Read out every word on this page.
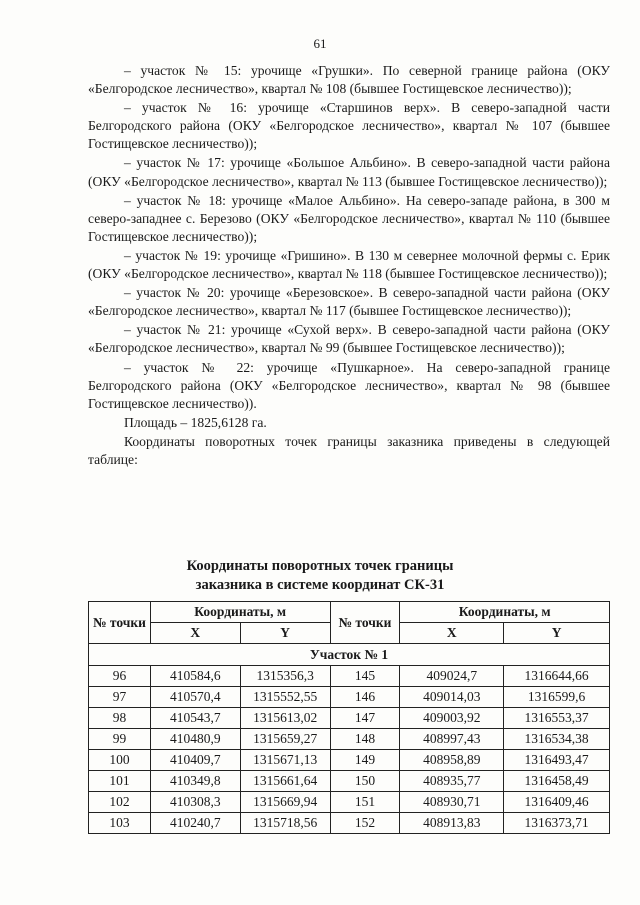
61

– участок № 15: урочище «Грушки». По северной границе района (ОКУ «Белгородское лесничество», квартал № 108 (бывшее Гостищевское лесничество));

– участок № 16: урочище «Старшинов верх». В северо-западной части Белгородского района (ОКУ «Белгородское лесничество», квартал № 107 (бывшее Гостищевское лесничество));

– участок № 17: урочище «Большое Альбино». В северо-западной части района (ОКУ «Белгородское лесничество», квартал № 113 (бывшее Гостищевское лесничество));

– участок № 18: урочище «Малое Альбино». На северо-западе района, в 300 м северо-западнее с. Березово (ОКУ «Белгородское лесничество», квартал № 110 (бывшее Гостищевское лесничество));

– участок № 19: урочище «Гришино». В 130 м севернее молочной фермы с. Ерик (ОКУ «Белгородское лесничество», квартал № 118 (бывшее Гостищевское лесничество));

– участок № 20: урочище «Березовское». В северо-западной части района (ОКУ «Белгородское лесничество», квартал № 117 (бывшее Гостищевское лесничество));

– участок № 21: урочище «Сухой верх». В северо-западной части района (ОКУ «Белгородское лесничество», квартал № 99 (бывшее Гостищевское лесничество));

– участок № 22: урочище «Пушкарное». На северо-западной границе Белгородского района (ОКУ «Белгородское лесничество», квартал № 98 (бывшее Гостищевское лесничество)).

Площадь – 1825,6128 га.

Координаты поворотных точек границы заказника приведены в следующей таблице:

Координаты поворотных точек границы
заказника в системе координат СК-31
№ точки	Координаты, м		№ точки	Координаты, м	
	X	Y		X	Y
Участок № 1					
96	410584,6	1315356,3	145	409024,7	1316644,66
97	410570,4	1315552,55	146	409014,03	1316599,6
98	410543,7	1315613,02	147	409003,92	1316553,37
99	410480,9	1315659,27	148	408997,43	1316534,38
100	410409,7	1315671,13	149	408958,89	1316493,47
101	410349,8	1315661,64	150	408935,77	1316458,49
102	410308,3	1315669,94	151	408930,71	1316409,46
103	410240,7	1315718,56	152	408913,83	1316373,71
